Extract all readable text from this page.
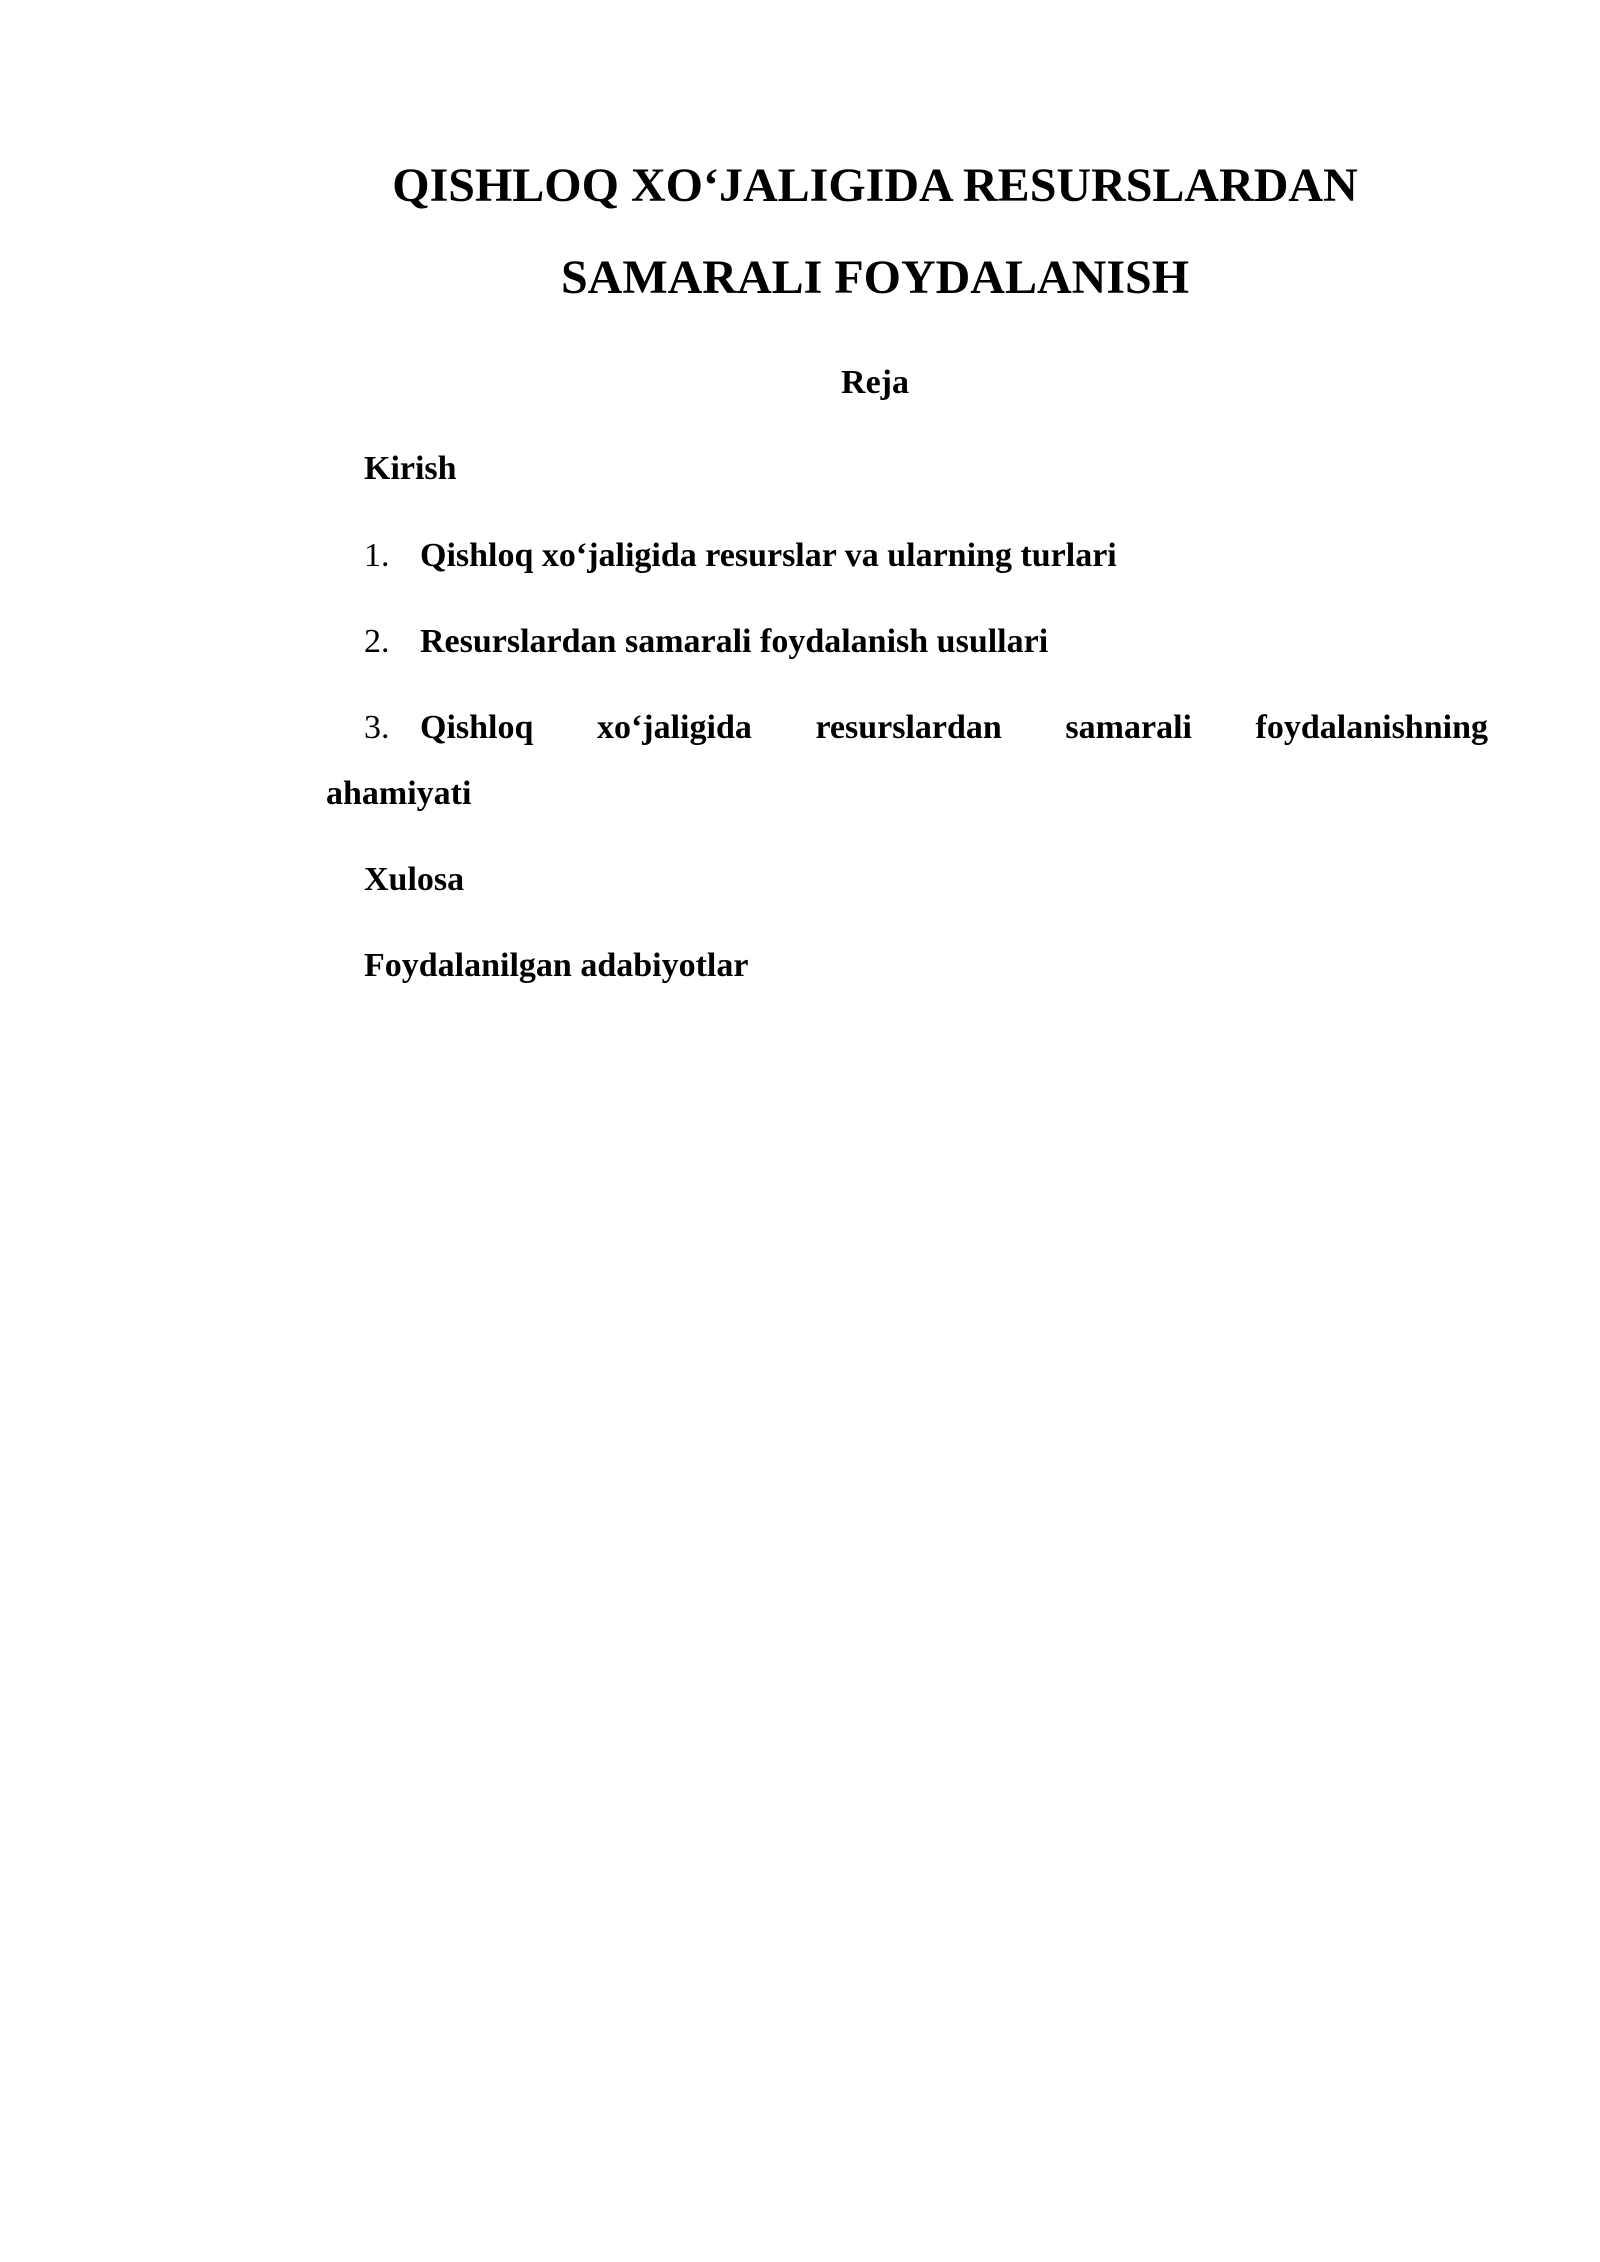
QISHLOQ XO‘JALIGIDA RESURSLARDAN
SAMARALI FOYDALANISH
Reja

Kirish

1. Qishloq xo‘jaligida resurslar va ularning turlari
2. Resurslardan samarali foydalanish usullari
3. Qishloq xo‘jaligida resurslardan samarali foydalanishning

ahamiyati

Xulosa

Foydalanilgan adabiyotlar
